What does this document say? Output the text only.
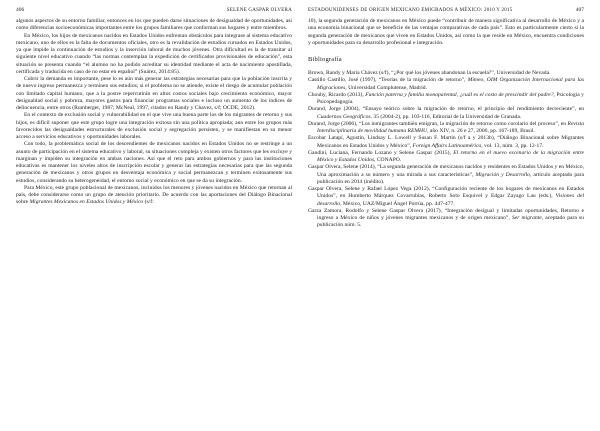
406	SELENE GASPAR OLVERA

algunos aspectos de su entorno familiar, entonces en los que pueden darse situaciones de desigualdad de oportunidades, así como diferencias socioeconómicas importantes entre los grupos familiares que conforman sus hogares y entre miembros.

En México, los hijos de mexicanos nacidos en Estados Unidos enfrentan obstáculos para integrase al sistema educativo mexicano, uno de ellos es la falta de documentos oficiales, otro es la revalidación de estudios cursados en Estados Unidos, ya que impide la continuación de estudios y la inserción laboral de muchos jóvenes. Otra dificultad es la de transitar al siguiente nivel educativo cuando “las normas contemplan la expedición de certificados provisionales de educación”, esta situación se presenta cuando “el alumno no ha podido acreditar su identidad mediante el acta de nacimiento apostillada, certificada y traducida en caso de no estar en español” (Suárez, 2014:85).

Cubrir la demanda es importante, pese lo es aún más generar las estrategias necesarias para que la población inscrita y de nuevo ingreso permanezca y terminen sus estudios; si el problema no se atiende, existe el riesgo de acumular población con limitado capital humano, que a la postre repercutirán en altos costos sociales bajo crecimiento económico, mayor desigualdad social y pobreza, mayores gastos para financiar programas sociales e incluso un aumento de los índices de delincuencia, entre otros (Rumberger, 1987; McNeal, 1997, citados en Randy y Chavez, s/f; OCDE, 2012).

En el contexto de exclusión social y vulnerabilidad en el que vive una buena parte los de los migrantes de retorno y sus hijos, es difícil suponer que este grupo logre una integración exitosa sin una política apropiada; aun entre los grupos más favorecidos las desigualdades estructurales de exclusión social y segregación persisten, y se manifiestan en su menor acceso a servicios educativos y oportunidades laborales.

Con todo, la problemática social de los descendientes de mexicanos nacidos en Estados Unidos no se restringe a un asunto de participación en el sistema educativo y laboral, su situaciones compleja y existen otros factores que les excluye y marginan y impiden su integración en ambas naciones. Así que el reto para ambos gobiernos y para las instituciones educativas es mantener los niveles altos de inscripción escolar y generar las estrategias necesarias para que las segunda generación de mexicanos y otros grupos en desventaja económica y social permanezcan y terminen exitosamente sus estudios, considerando su heterogeneidad, el entorno social y económico en que se da su integración.

Para México, este grupo poblacional de mexicanos, incluidos los menores y jóvenes nacidos en México que retornan al país, debe considerarse como un grupo de atención prioritario. De acuerdo con las aportaciones del Diálogo Binacional sobre Migrantes Mexicanos en Estados Unidos y México (s/f:

ESTADOUNIDENSES DE ORIGEN MEXICANO EMIGRADOS A MÉXICO: 2010 Y 2015	407

10), la segunda generación de mexicanos en México puede “contribuir de manera significativa al desarrollo de México y a una economía binacional que se beneficie de las ventajas comparativas de cada país”. Esto es particularmente cierto si la segunda generación de mexicanos que viven en Estados Unidos, así como la que reside en México, encuentra condiciones y oportunidades para su desarrollo profesional e integración.

Bibliografía

Brown, Randy y María Chávez (s/f), “¿Por qué los jóvenes abandonan la escuela?”, Universidad de Nevada.

Castillo Castillo, José (1997), “Teorías de la migración de retorno”, Mimeo, OIM Organización Internacional para las Migraciones, Universidad Complutense, Madrid.

Chouhy, Ricardo (2013), Función paterna y familia monoparental, ¿cuál es el costo de prescindir del padre?, Psicología y Psicopedagogía.

Durand, Jorge (2004), “Ensayo teórico sobre la migración de retorno, el principio del rendimiento decreciente”, en Cuadernos Geográficos. 35 (2004-2), pp. 103-116, Editorial de la Universidad de Granada.

Durand, Jorge (2006), “Los inmigrantes también emigran, la migración de retorno como corolario del proceso”, en Revista Interdisciplinaria de movilidad humana REMHU, año XIV, n. 26 e 27, 2006, pp. 167-189, Brasil.

Escobar Latapí, Agustín, Lindsay L. Lowell y Susan F. Martin (s/f a y 2013b), “Diálogo Binacional sobre Migrantes Mexicanos en Estados Unidos y México”, Foreign Affairs Latinoamérica, vol. 13, núm. 3, pp. 12-17.

Gandini, Luciana, Fernando Lozano y Selene Gaspar (2015), El retorno en el nuevo escenario de la migración entre México y Estados Unidos, CONAPO.

Gaspar Olvera, Selene (2014), “La segunda generación de mexicanos nacidos y residentes en Estados Unidos y en México, Una aproximación a su número y una mirada a sus características”, Migración y Desarrollo, artículo aceptado para publicación en 2014 (inédito).

Gaspar Olvera, Selene y Rafael López Vega (2012), “Configuración reciente de los hogares de mexicanos en Estados Unidos”, en Humberto Márquez Covarrubias, Roberto Soto Esquivel y Edgar Zayago Lau (eds.), Visiones del desarrollo, México, UAZ/Miguel Ángel Porrúa, pp. 447-477.

Garza Zamora, Rodolfo y Selene Gaspar Olvera (2017), “Integración desigual y limitadas oportunidades, Retorno e ingreso a México de niños y jóvenes migrantes mexicanos y de origen mexicano”, Ser migrante, aceptado para su publicación núm. 5.
